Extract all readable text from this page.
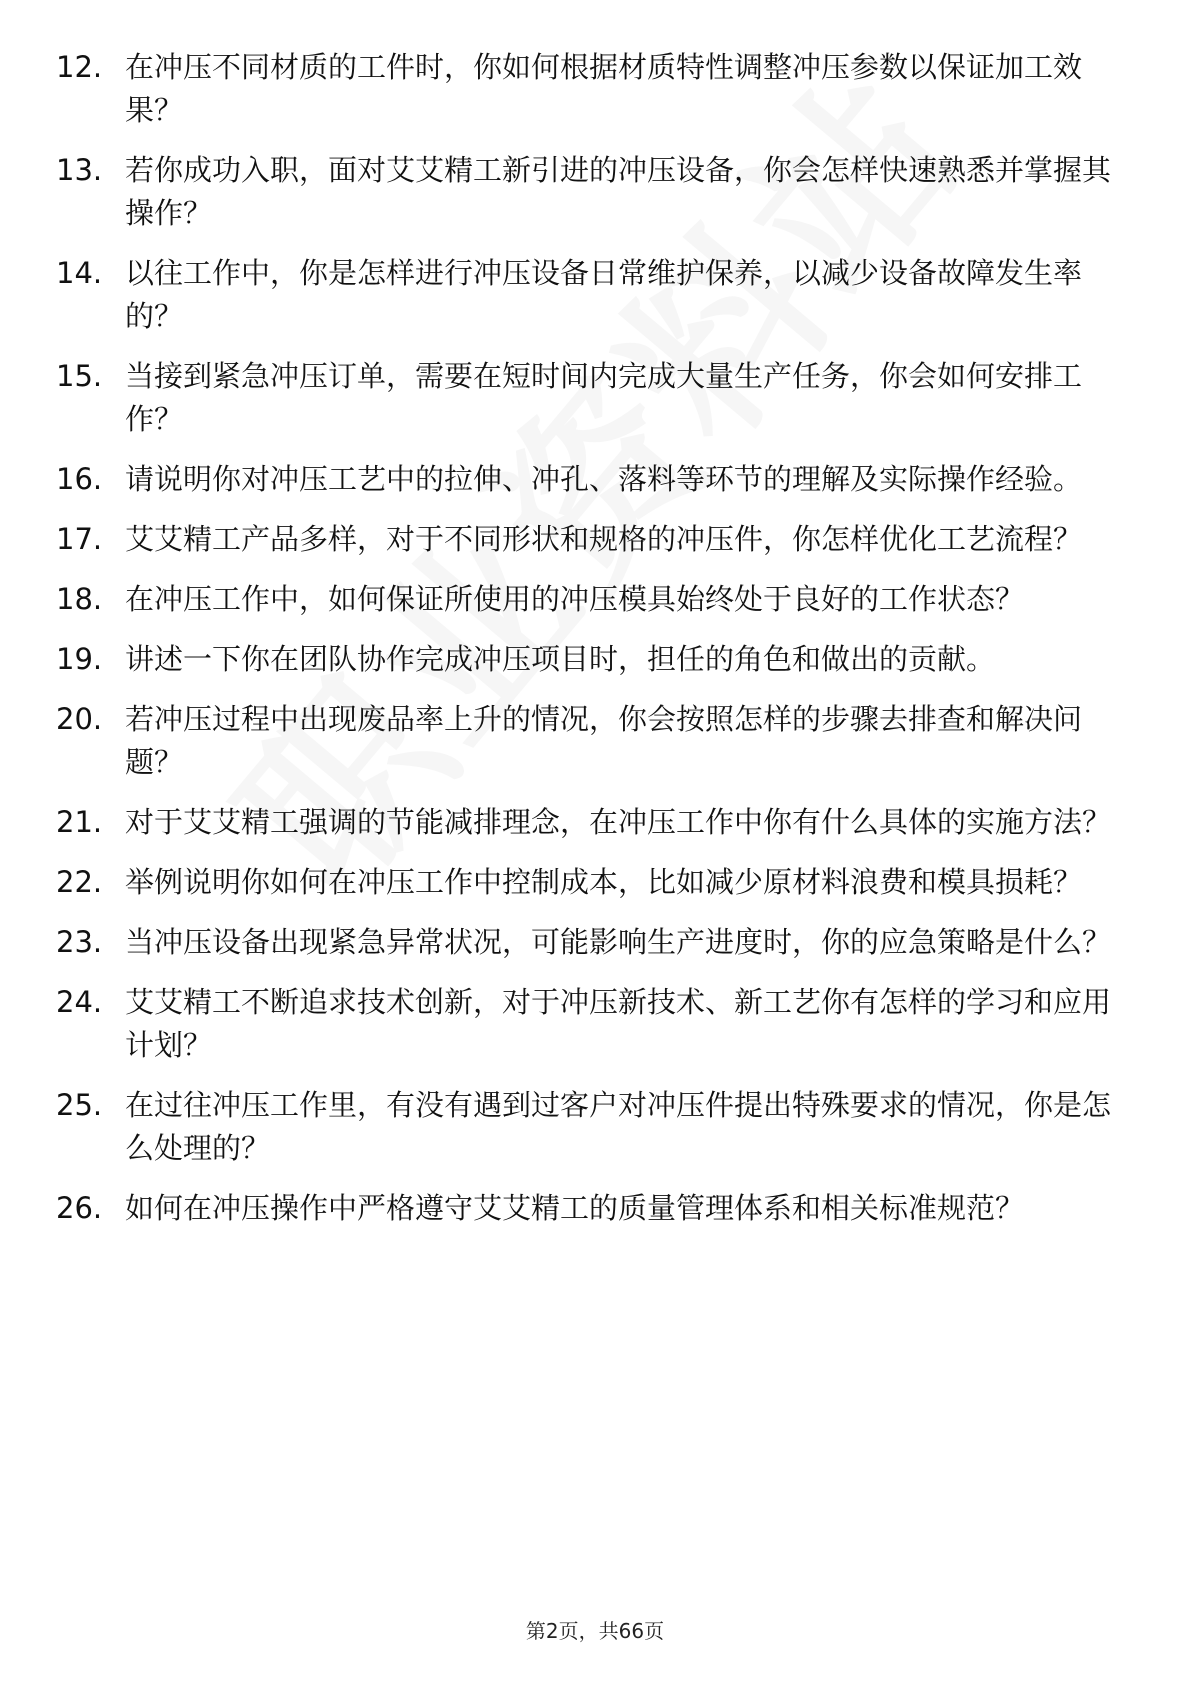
12. 在冲压不同材质的工件时，你如何根据材质特性调整冲压参数以保证加工效果？
13. 若你成功入职，面对艾艾精工新引进的冲压设备，你会怎样快速熟悉并掌握其操作？
14. 以往工作中，你是怎样进行冲压设备日常维护保养，以减少设备故障发生率的？
15. 当接到紧急冲压订单，需要在短时间内完成大量生产任务，你会如何安排工作？
16. 请说明你对冲压工艺中的拉伸、冲孔、落料等环节的理解及实际操作经验。
17. 艾艾精工产品多样，对于不同形状和规格的冲压件，你怎样优化工艺流程？
18. 在冲压工作中，如何保证所使用的冲压模具始终处于良好的工作状态？
19. 讲述一下你在团队协作完成冲压项目时，担任的角色和做出的贡献。
20. 若冲压过程中出现废品率上升的情况，你会按照怎样的步骤去排查和解决问题？
21. 对于艾艾精工强调的节能减排理念，在冲压工作中你有什么具体的实施方法？
22. 举例说明你如何在冲压工作中控制成本，比如减少原材料浪费和模具损耗？
23. 当冲压设备出现紧急异常状况，可能影响生产进度时，你的应急策略是什么？
24. 艾艾精工不断追求技术创新，对于冲压新技术、新工艺你有怎样的学习和应用计划？
25. 在过往冲压工作里，有没有遇到过客户对冲压件提出特殊要求的情况，你是怎么处理的？
26. 如何在冲压操作中严格遵守艾艾精工的质量管理体系和相关标准规范？
第2页，共66页
